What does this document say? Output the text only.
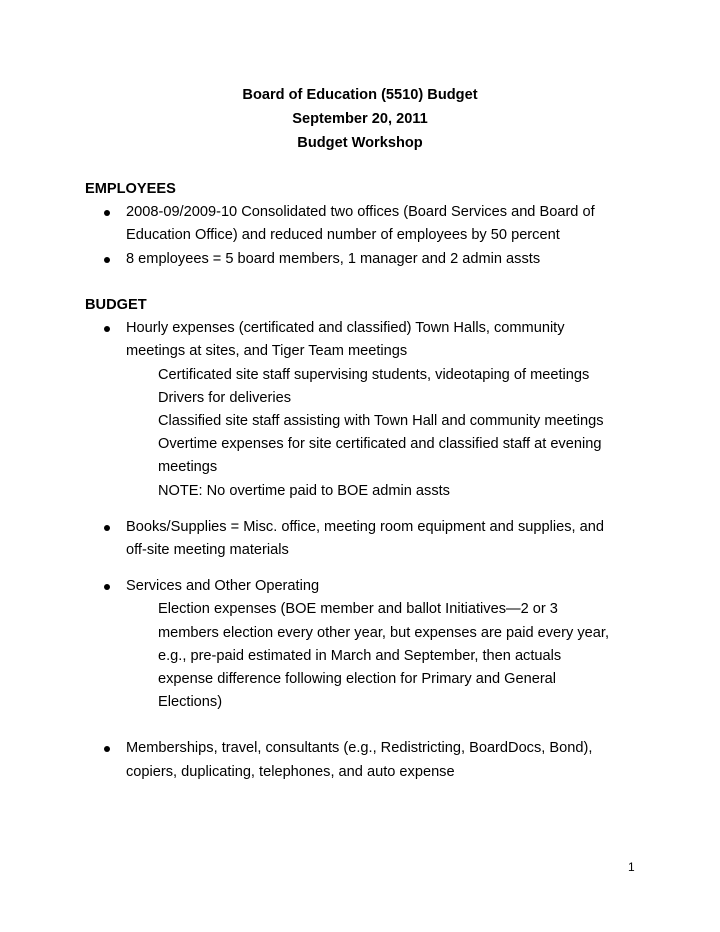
Board of Education (5510) Budget
September 20, 2011
Budget Workshop
EMPLOYEES
2008-09/2009-10 Consolidated two offices (Board Services and Board of
Education Office) and reduced number of employees by 50 percent
8 employees = 5 board members, 1 manager and 2 admin assts
BUDGET
Hourly expenses (certificated and classified) Town Halls, community
meetings at sites, and Tiger Team meetings
Certificated site staff supervising students, videotaping of meetings
Drivers for deliveries
Classified site staff assisting with Town Hall and community meetings
Overtime expenses for site certificated and classified staff at evening
meetings
NOTE: No overtime paid to BOE admin assts
Books/Supplies = Misc. office, meeting room equipment and supplies, and
off-site meeting materials
Services and Other Operating
Election expenses (BOE member and ballot Initiatives—2 or 3
members election every other year, but expenses are paid every year,
e.g., pre-paid estimated in March and September, then actuals
expense difference following election for Primary and General
Elections)
Memberships, travel, consultants (e.g., Redistricting, BoardDocs, Bond),
copiers, duplicating, telephones, and auto expense
1
